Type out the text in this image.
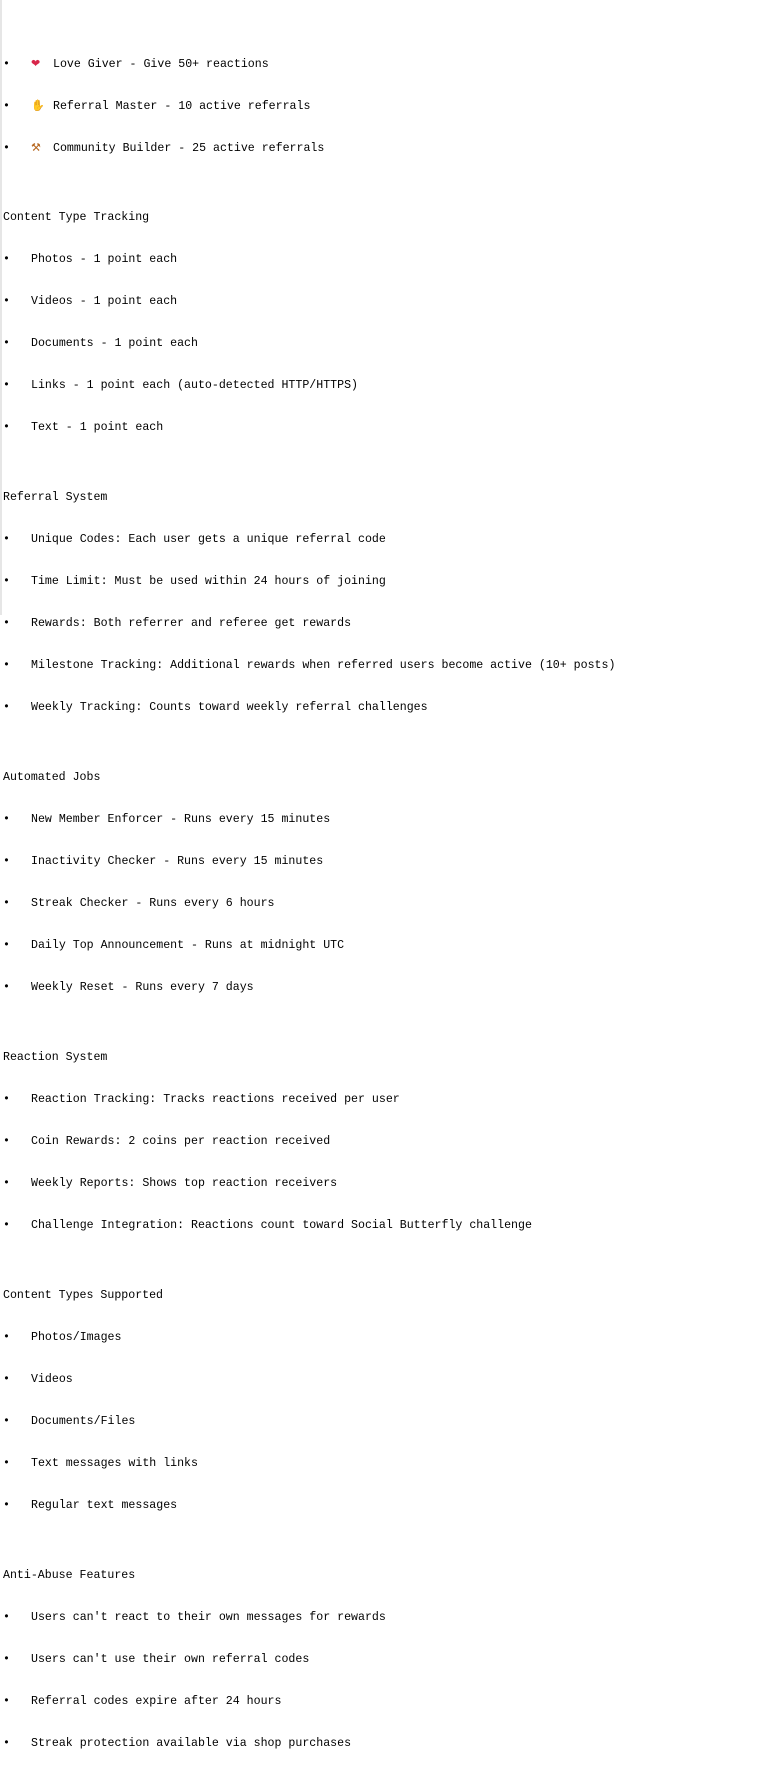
• ❤ Love Giver - Give 50+ reactions

• ✋ Referral Master - 10 active referrals

• ⚒ Community Builder - 25 active referrals

Content Type Tracking

• Photos - 1 point each

• Videos - 1 point each

• Documents - 1 point each

• Links - 1 point each (auto-detected HTTP/HTTPS)

• Text - 1 point each

Referral System

• Unique Codes: Each user gets a unique referral code

• Time Limit: Must be used within 24 hours of joining

• Rewards: Both referrer and referee get rewards

• Milestone Tracking: Additional rewards when referred users become active (10+ posts)

• Weekly Tracking: Counts toward weekly referral challenges

Automated Jobs

• New Member Enforcer - Runs every 15 minutes

• Inactivity Checker - Runs every 15 minutes

• Streak Checker - Runs every 6 hours

• Daily Top Announcement - Runs at midnight UTC

• Weekly Reset - Runs every 7 days

Reaction System

• Reaction Tracking: Tracks reactions received per user

• Coin Rewards: 2 coins per reaction received

• Weekly Reports: Shows top reaction receivers

• Challenge Integration: Reactions count toward Social Butterfly challenge

Content Types Supported

• Photos/Images

• Videos

• Documents/Files

• Text messages with links

• Regular text messages

Anti-Abuse Features

• Users can't react to their own messages for rewards

• Users can't use their own referral codes

• Referral codes expire after 24 hours

• Streak protection available via shop purchases
